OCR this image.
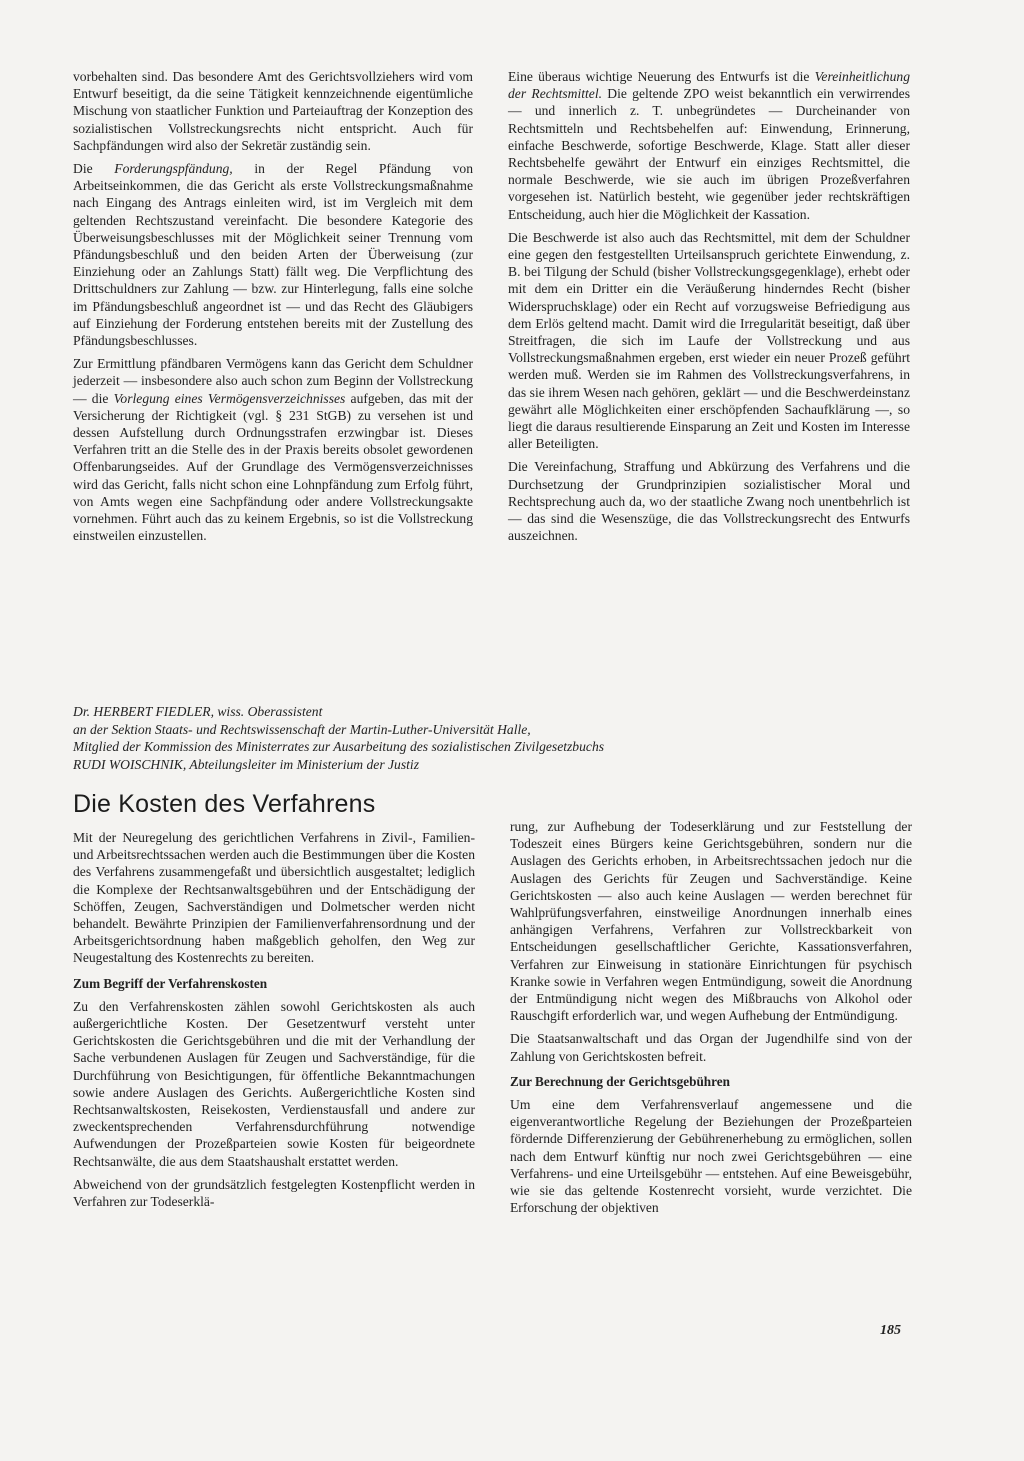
vorbehalten sind. Das besondere Amt des Gerichtsvollziehers wird vom Entwurf beseitigt, da die seine Tätigkeit kennzeichnende eigentümliche Mischung von staatlicher Funktion und Parteiauftrag der Konzeption des sozialistischen Vollstreckungsrechts nicht entspricht. Auch für Sachpfändungen wird also der Sekretär zuständig sein.

Die Forderungspfändung, in der Regel Pfändung von Arbeitseinkommen, die das Gericht als erste Vollstreckungsmaßnahme nach Eingang des Antrags einleiten wird, ist im Vergleich mit dem geltenden Rechtszustand vereinfacht. Die besondere Kategorie des Überweisungsbeschlusses mit der Möglichkeit seiner Trennung vom Pfändungsbeschluß und den beiden Arten der Überweisung (zur Einziehung oder an Zahlungs Statt) fällt weg. Die Verpflichtung des Drittschuldners zur Zahlung — bzw. zur Hinterlegung, falls eine solche im Pfändungsbeschluß angeordnet ist — und das Recht des Gläubigers auf Einziehung der Forderung entstehen bereits mit der Zustellung des Pfändungsbeschlusses.

Zur Ermittlung pfändbaren Vermögens kann das Gericht dem Schuldner jederzeit — insbesondere also auch schon zum Beginn der Vollstreckung — die Vorlegung eines Vermögensverzeichnisses aufgeben, das mit der Versicherung der Richtigkeit (vgl. § 231 StGB) zu versehen ist und dessen Aufstellung durch Ordnungsstrafen erzwingbar ist. Dieses Verfahren tritt an die Stelle des in der Praxis bereits obsolet gewordenen Offenbarungseides. Auf der Grundlage des Vermögensverzeichnisses wird das Gericht, falls nicht schon eine Lohnpfändung zum Erfolg führt, von Amts wegen eine Sachpfändung oder andere Vollstreckungsakte vornehmen. Führt auch das zu keinem Ergebnis, so ist die Vollstreckung einstweilen einzustellen.

Eine überaus wichtige Neuerung des Entwurfs ist die Vereinheitlichung der Rechtsmittel. Die geltende ZPO weist bekanntlich ein verwirrendes — und innerlich z. T. unbegründetes — Durcheinander von Rechtsmitteln und Rechtsbehelfen auf: Einwendung, Erinnerung, einfache Beschwerde, sofortige Beschwerde, Klage. Statt aller dieser Rechtsbehelfe gewährt der Entwurf ein einziges Rechtsmittel, die normale Beschwerde, wie sie auch im übrigen Prozeßverfahren vorgesehen ist. Natürlich besteht, wie gegenüber jeder rechtskräftigen Entscheidung, auch hier die Möglichkeit der Kassation.

Die Beschwerde ist also auch das Rechtsmittel, mit dem der Schuldner eine gegen den festgestellten Urteilsanspruch gerichtete Einwendung, z. B. bei Tilgung der Schuld (bisher Vollstreckungsgegenklage), erhebt oder mit dem ein Dritter ein die Veräußerung hinderndes Recht (bisher Widerspruchsklage) oder ein Recht auf vorzugsweise Befriedigung aus dem Erlös geltend macht. Damit wird die Irregularität beseitigt, daß über Streitfragen, die sich im Laufe der Vollstreckung und aus Vollstreckungsmaßnahmen ergeben, erst wieder ein neuer Prozeß geführt werden muß. Werden sie im Rahmen des Vollstreckungsverfahrens, in das sie ihrem Wesen nach gehören, geklärt — und die Beschwerdeinstanz gewährt alle Möglichkeiten einer erschöpfenden Sachaufklärung —, so liegt die daraus resultierende Einsparung an Zeit und Kosten im Interesse aller Beteiligten.

Die Vereinfachung, Straffung und Abkürzung des Verfahrens und die Durchsetzung der Grundprinzipien sozialistischer Moral und Rechtsprechung auch da, wo der staatliche Zwang noch unentbehrlich ist — das sind die Wesenszüge, die das Vollstreckungsrecht des Entwurfs auszeichnen.

Dr. HERBERT FIEDLER, wiss. Oberassistent
an der Sektion Staats- und Rechtswissenschaft der Martin-Luther-Universität Halle,
Mitglied der Kommission des Ministerrates zur Ausarbeitung des sozialistischen Zivilgesetzbuchs
RUDI WOISCHNIK, Abteilungsleiter im Ministerium der Justiz
Die Kosten des Verfahrens

Mit der Neuregelung des gerichtlichen Verfahrens in Zivil-, Familien- und Arbeitsrechtssachen werden auch die Bestimmungen über die Kosten des Verfahrens zusammengefaßt und übersichtlich ausgestaltet; lediglich die Komplexe der Rechtsanwaltsgebühren und der Entschädigung der Schöffen, Zeugen, Sachverständigen und Dolmetscher werden nicht behandelt. Bewährte Prinzipien der Familienverfahrensordnung und der Arbeitsgerichtsordnung haben maßgeblich geholfen, den Weg zur Neugestaltung des Kostenrechts zu bereiten.

Zum Begriff der Verfahrenskosten

Zu den Verfahrenskosten zählen sowohl Gerichtskosten als auch außergerichtliche Kosten. Der Gesetzentwurf versteht unter Gerichtskosten die Gerichtsgebühren und die mit der Verhandlung der Sache verbundenen Auslagen für Zeugen und Sachverständige, für die Durchführung von Besichtigungen, für öffentliche Bekanntmachungen sowie andere Auslagen des Gerichts. Außergerichtliche Kosten sind Rechtsanwaltskosten, Reisekosten, Verdienstausfall und andere zur zweckentsprechenden Verfahrensdurchführung notwendige Aufwendungen der Prozeßparteien sowie Kosten für beigeordnete Rechtsanwälte, die aus dem Staatshaushalt erstattet werden.

Abweichend von der grundsätzlich festgelegten Kostenpflicht werden in Verfahren zur Todeserklä-

rung, zur Aufhebung der Todeserklärung und zur Feststellung der Todeszeit eines Bürgers keine Gerichtsgebühren, sondern nur die Auslagen des Gerichts erhoben, in Arbeitsrechtssachen jedoch nur die Auslagen des Gerichts für Zeugen und Sachverständige. Keine Gerichtskosten — also auch keine Auslagen — werden berechnet für Wahlprüfungsverfahren, einstweilige Anordnungen innerhalb eines anhängigen Verfahrens, Verfahren zur Vollstreckbarkeit von Entscheidungen gesellschaftlicher Gerichte, Kassationsverfahren, Verfahren zur Einweisung in stationäre Einrichtungen für psychisch Kranke sowie in Verfahren wegen Entmündigung, soweit die Anordnung der Entmündigung nicht wegen des Mißbrauchs von Alkohol oder Rauschgift erforderlich war, und wegen Aufhebung der Entmündigung.

Die Staatsanwaltschaft und das Organ der Jugendhilfe sind von der Zahlung von Gerichtskosten befreit.

Zur Berechnung der Gerichtsgebühren

Um eine dem Verfahrensverlauf angemessene und die eigenverantwortliche Regelung der Beziehungen der Prozeßparteien fördernde Differenzierung der Gebührenerhebung zu ermöglichen, sollen nach dem Entwurf künftig nur noch zwei Gerichtsgebühren — eine Verfahrens- und eine Urteilsgebühr — entstehen. Auf eine Beweisgebühr, wie sie das geltende Kostenrecht vorsieht, wurde verzichtet. Die Erforschung der objektiven

185
